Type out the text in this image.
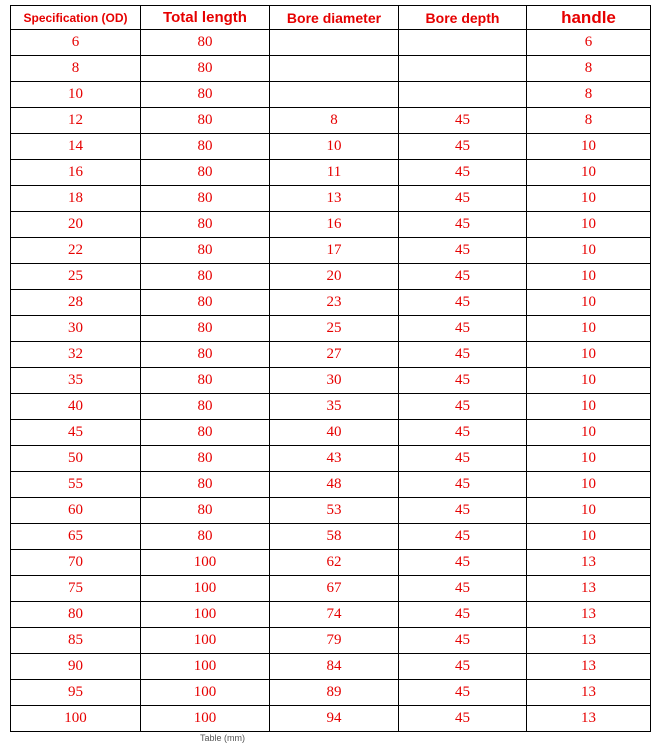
Specification (OD)	Total length	Bore diameter	Bore depth	handle
6	80			6
8	80			8
10	80			8
12	80	8	45	8
14	80	10	45	10
16	80	11	45	10
18	80	13	45	10
20	80	16	45	10
22	80	17	45	10
25	80	20	45	10
28	80	23	45	10
30	80	25	45	10
32	80	27	45	10
35	80	30	45	10
40	80	35	45	10
45	80	40	45	10
50	80	43	45	10
55	80	48	45	10
60	80	53	45	10
65	80	58	45	10
70	100	62	45	13
75	100	67	45	13
80	100	74	45	13
85	100	79	45	13
90	100	84	45	13
95	100	89	45	13
100	100	94	45	13
Table (mm)
